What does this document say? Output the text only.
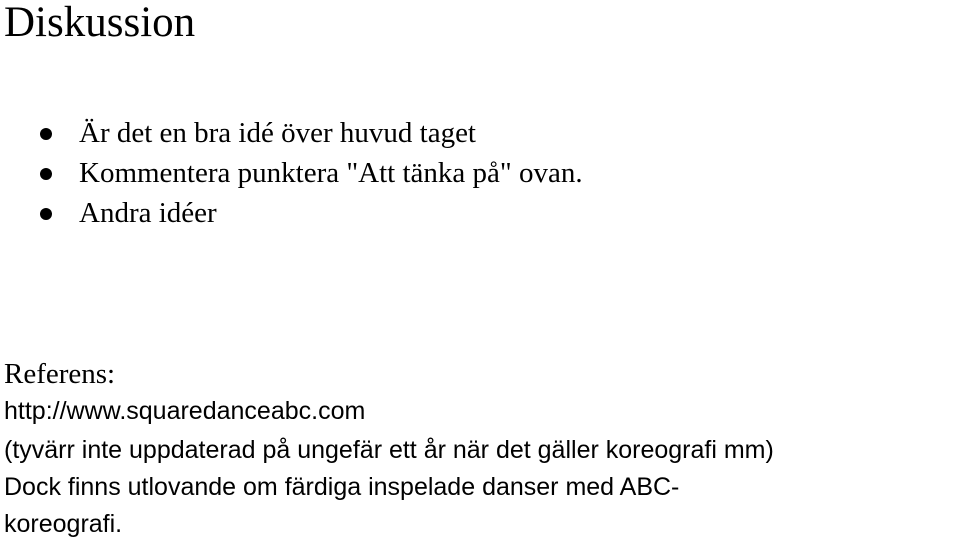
Diskussion
Är det en bra idé över huvud taget
Kommentera punktera "Att tänka på" ovan.
Andra idéer
Referens:
http://www.squaredanceabc.com

(tyvärr inte uppdaterad på ungefär ett år när det gäller koreografi mm)
Dock finns utlovande om färdiga inspelade danser med ABC-
koreografi.
